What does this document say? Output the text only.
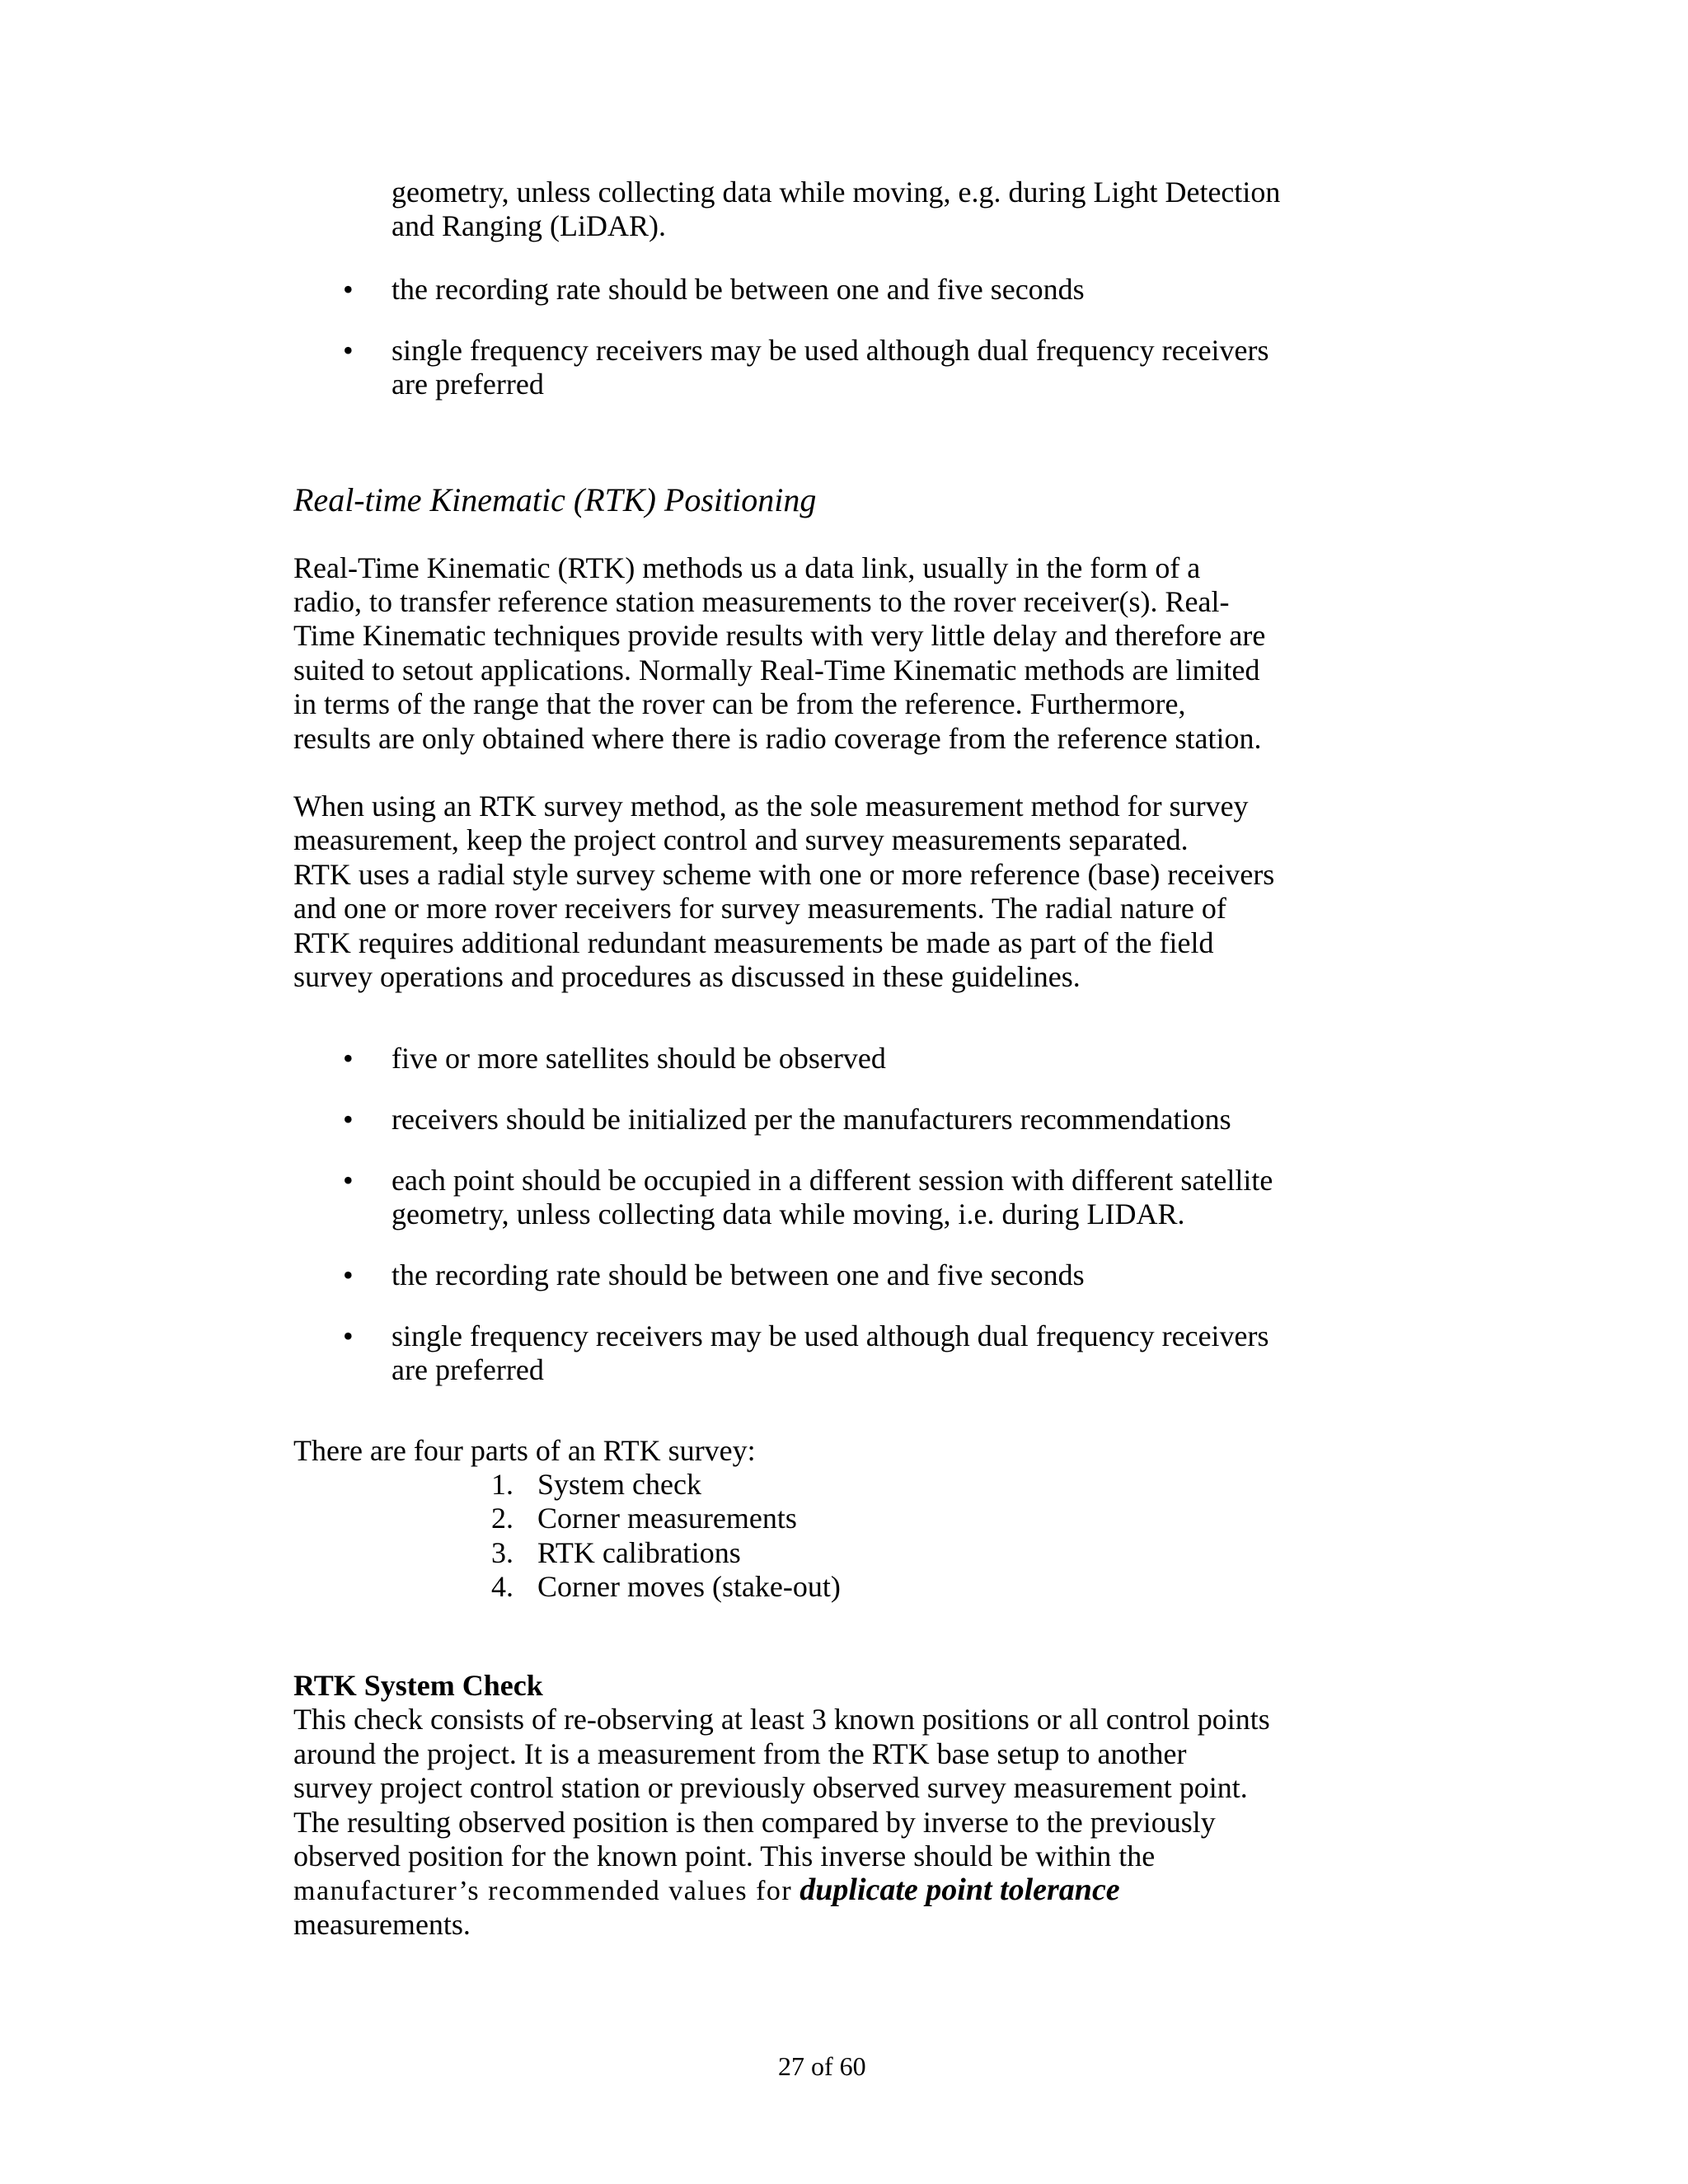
geometry, unless collecting data while moving, e.g. during Light Detection

and Ranging (LiDAR).

• the recording rate should be between one and five seconds

• single frequency receivers may be used although dual frequency receivers

are preferred

Real-time Kinematic (RTK) Positioning

Real-Time Kinematic (RTK) methods us a data link, usually in the form of a

radio, to transfer reference station measurements to the rover receiver(s). Real-

Time Kinematic techniques provide results with very little delay and therefore are

suited to setout applications. Normally Real-Time Kinematic methods are limited

in terms of the range that the rover can be from the reference. Furthermore,

results are only obtained where there is radio coverage from the reference station.

When using an RTK survey method, as the sole measurement method for survey

measurement, keep the project control and survey measurements separated.

RTK uses a radial style survey scheme with one or more reference (base) receivers

and one or more rover receivers for survey measurements. The radial nature of

RTK requires additional redundant measurements be made as part of the field

survey operations and procedures as discussed in these guidelines.

• five or more satellites should be observed

• receivers should be initialized per the manufacturers recommendations

• each point should be occupied in a different session with different satellite

geometry, unless collecting data while moving, i.e. during LIDAR.

• the recording rate should be between one and five seconds

• single frequency receivers may be used although dual frequency receivers

are preferred

There are four parts of an RTK survey:

1. System check

2. Corner measurements

3. RTK calibrations

4. Corner moves (stake-out)

RTK System Check

This check consists of re-observing at least 3 known positions or all control points

around the project. It is a measurement from the RTK base setup to another

survey project control station or previously observed survey measurement point.

The resulting observed position is then compared by inverse to the previously

observed position for the known point. This inverse should be within the

manufacturer’s recommended values for duplicate point tolerance

measurements.

27 of 60
